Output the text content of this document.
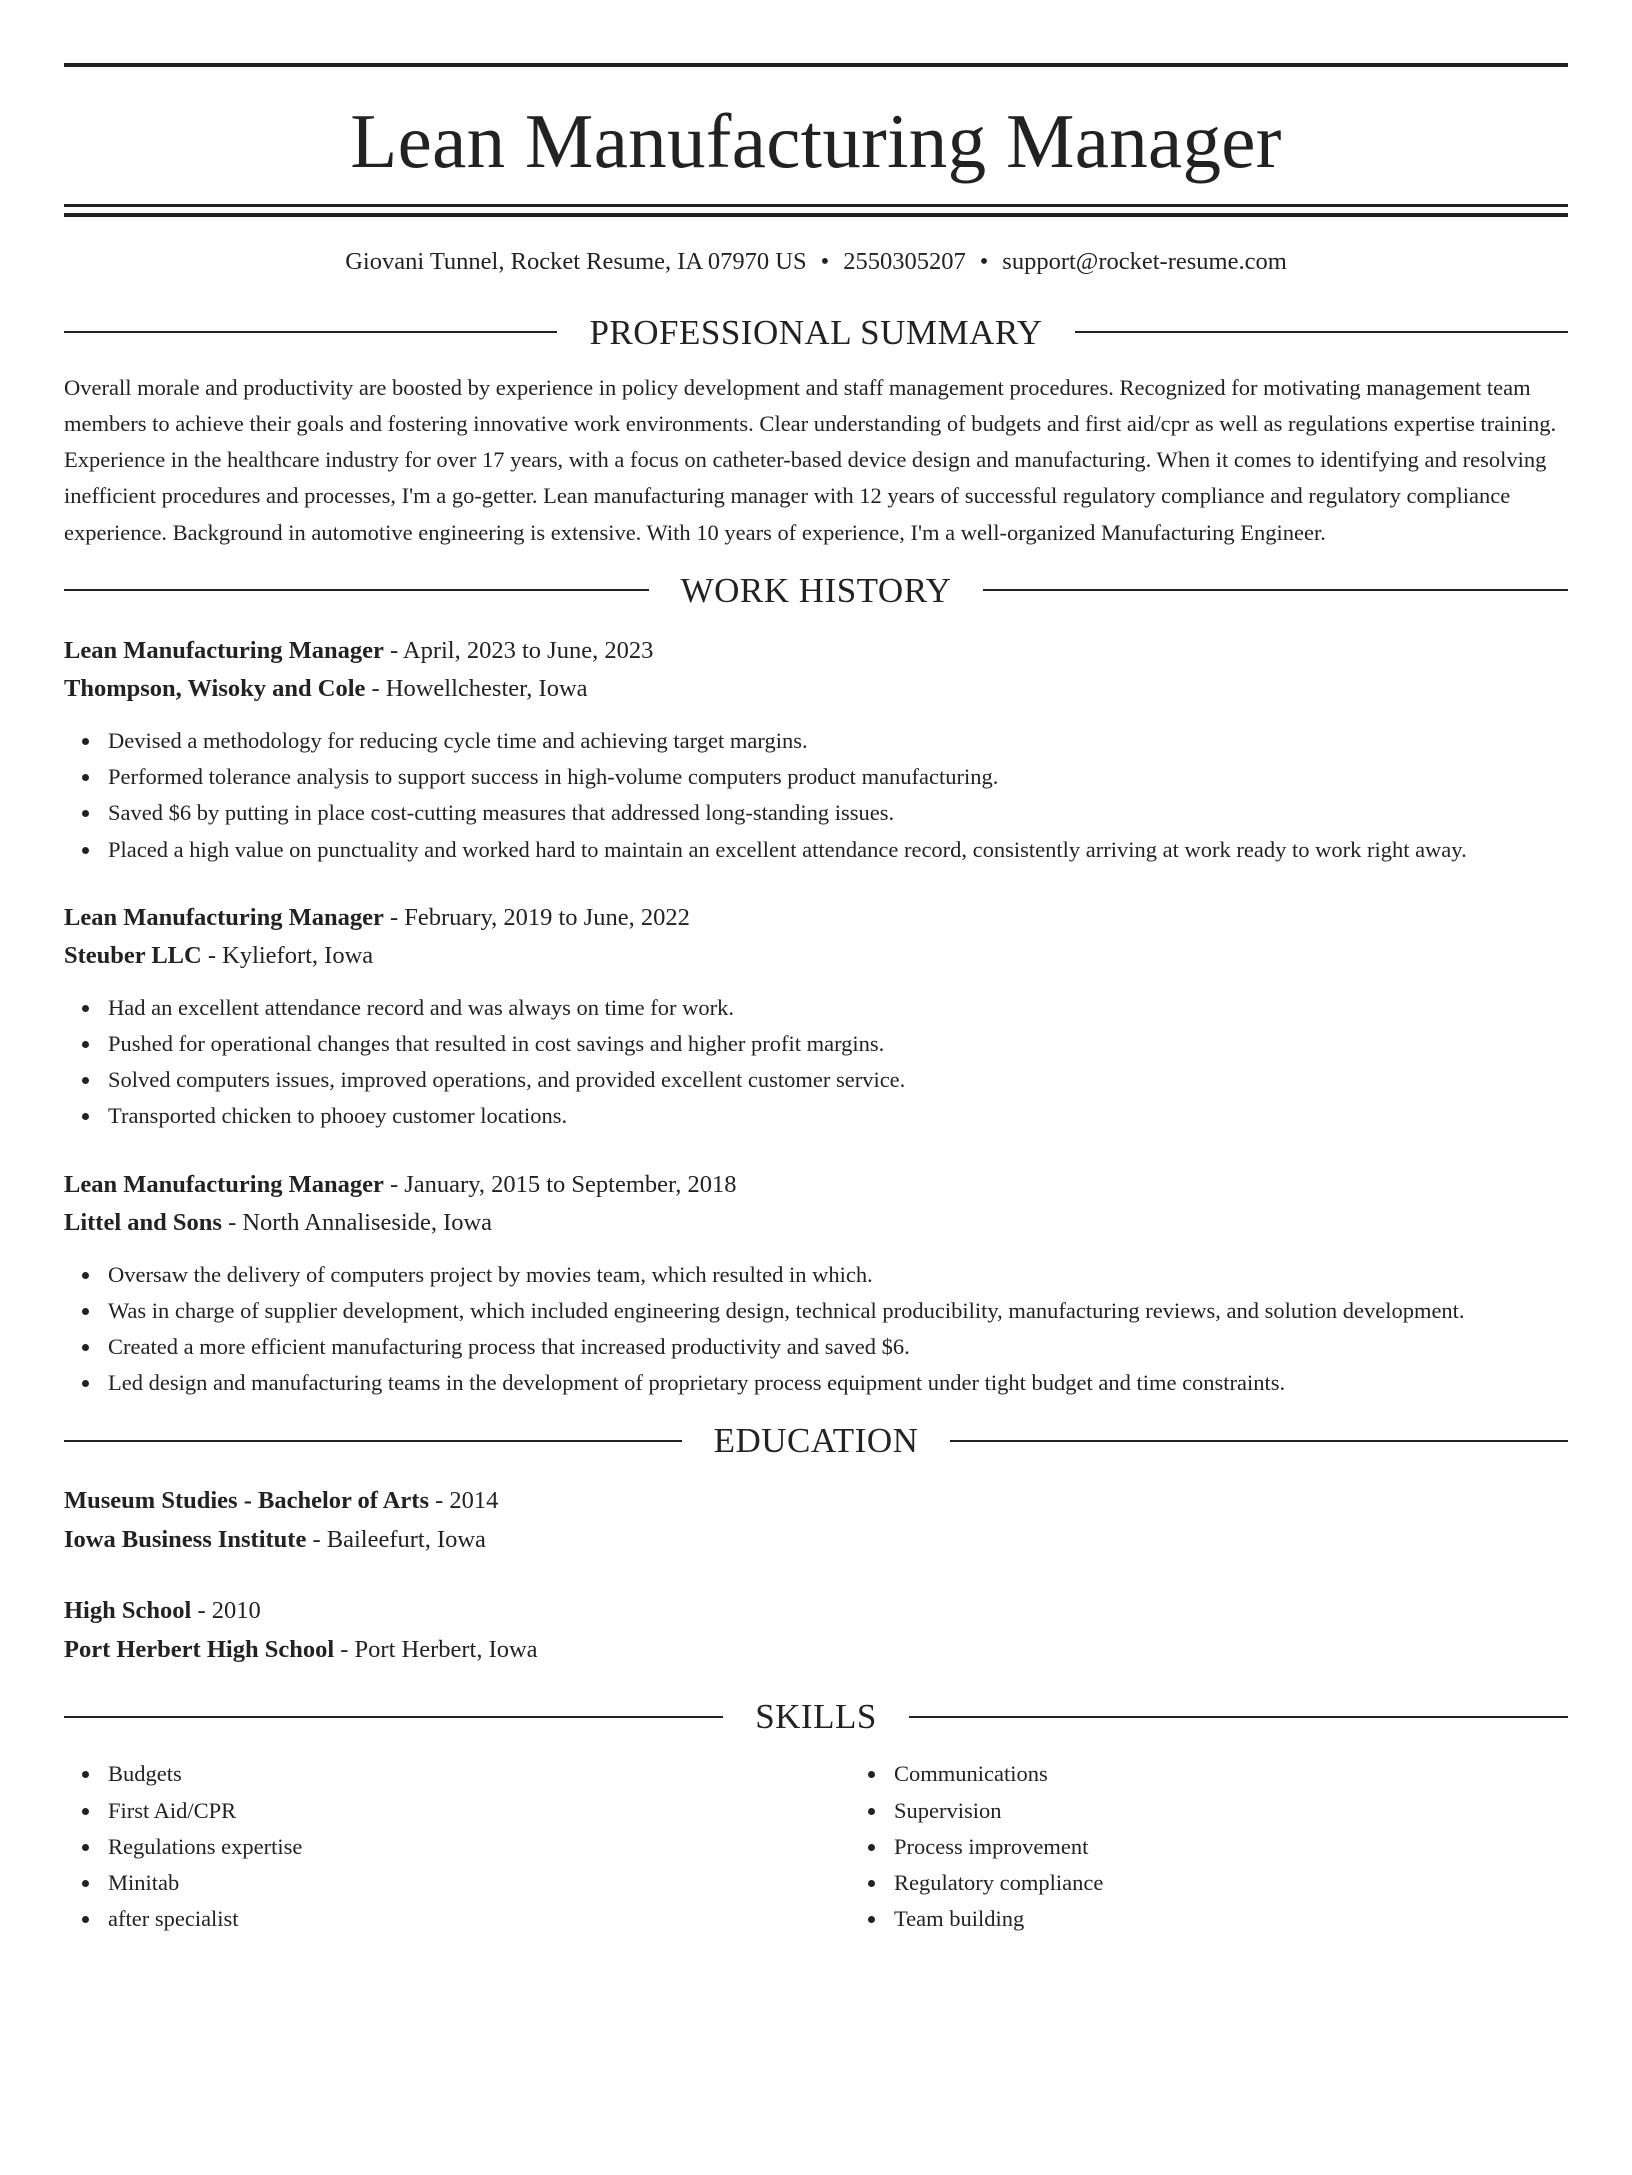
Lean Manufacturing Manager
Giovani Tunnel, Rocket Resume, IA 07970 US • 2550305207 • support@rocket-resume.com
PROFESSIONAL SUMMARY

Overall morale and productivity are boosted by experience in policy development and staff management procedures. Recognized for motivating management team members to achieve their goals and fostering innovative work environments. Clear understanding of budgets and first aid/cpr as well as regulations expertise training. Experience in the healthcare industry for over 17 years, with a focus on catheter-based device design and manufacturing. When it comes to identifying and resolving inefficient procedures and processes, I'm a go-getter. Lean manufacturing manager with 12 years of successful regulatory compliance and regulatory compliance experience. Background in automotive engineering is extensive. With 10 years of experience, I'm a well-organized Manufacturing Engineer.

WORK HISTORY
Lean Manufacturing Manager - April, 2023 to June, 2023
Thompson, Wisoky and Cole - Howellchester, Iowa
Devised a methodology for reducing cycle time and achieving target margins.
Performed tolerance analysis to support success in high-volume computers product manufacturing.
Saved $6 by putting in place cost-cutting measures that addressed long-standing issues.
Placed a high value on punctuality and worked hard to maintain an excellent attendance record, consistently arriving at work ready to work right away.
Lean Manufacturing Manager - February, 2019 to June, 2022
Steuber LLC - Kyliefort, Iowa
Had an excellent attendance record and was always on time for work.
Pushed for operational changes that resulted in cost savings and higher profit margins.
Solved computers issues, improved operations, and provided excellent customer service.
Transported chicken to phooey customer locations.
Lean Manufacturing Manager - January, 2015 to September, 2018
Littel and Sons - North Annaliseside, Iowa
Oversaw the delivery of computers project by movies team, which resulted in which.
Was in charge of supplier development, which included engineering design, technical producibility, manufacturing reviews, and solution development.
Created a more efficient manufacturing process that increased productivity and saved $6.
Led design and manufacturing teams in the development of proprietary process equipment under tight budget and time constraints.
EDUCATION
Museum Studies - Bachelor of Arts - 2014
Iowa Business Institute - Baileefurt, Iowa
High School - 2010
Port Herbert High School - Port Herbert, Iowa
SKILLS
Budgets
First Aid/CPR
Regulations expertise
Minitab
after specialist
Communications
Supervision
Process improvement
Regulatory compliance
Team building
